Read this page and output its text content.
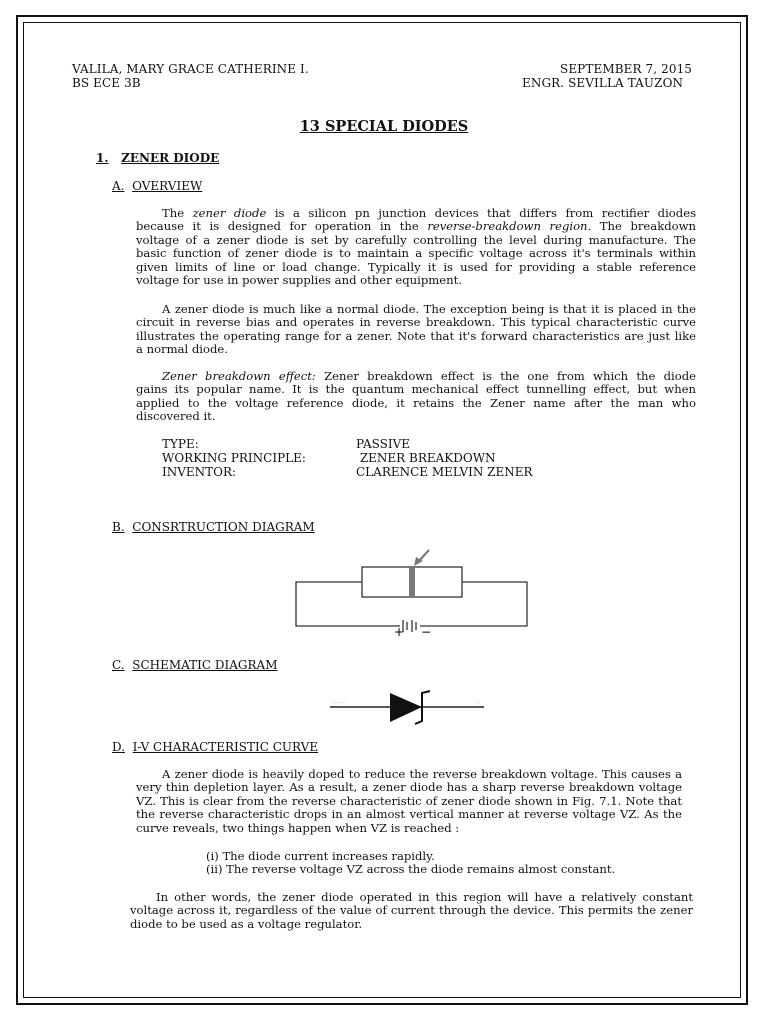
VALILA, MARY GRACE CATHERINE I.
BS ECE 3B
SEPTEMBER 7, 2015
ENGR. SEVILLA TAUZON
13 SPECIAL DIODES
1. ZENER DIODE
A. OVERVIEW
The zener diode is a silicon pn junction devices that differs from rectifier diodes
because it is designed for operation in the reverse-breakdown region. The breakdown
voltage of a zener diode is set by carefully controlling the level during manufacture. The
basic function of zener diode is to maintain a specific voltage across it's terminals within
given limits of line or load change. Typically it is used for providing a stable reference
voltage for use in power supplies and other equipment.
A zener diode is much like a normal diode. The exception being is that it is placed in the
circuit in reverse bias and operates in reverse breakdown. This typical characteristic curve
illustrates the operating range for a zener. Note that it's forward characteristics are just like
a normal diode.
Zener breakdown effect: Zener breakdown effect is the one from which the diode
gains its popular name. It is the quantum mechanical effect tunnelling effect, but when
applied to the voltage reference diode, it retains the Zener name after the man who
discovered it.
TYPE:	PASSIVE
WORKING PRINCIPLE:	ZENER BREAKDOWN
INVENTOR:	CLARENCE MELVIN ZENER
B. CONSRTRUCTION DIAGRAM
+ −
C. SCHEMATIC DIAGRAM
· · · · · ·	· ·
D. I-V CHARACTERISTIC CURVE
A zener diode is heavily doped to reduce the reverse breakdown voltage. This causes a
very thin depletion layer. As a result, a zener diode has a sharp reverse breakdown voltage
VZ. This is clear from the reverse characteristic of zener diode shown in Fig. 7.1. Note that
the reverse characteristic drops in an almost vertical manner at reverse voltage VZ. As the
curve reveals, two things happen when VZ is reached :
(i) The diode current increases rapidly.
(ii) The reverse voltage VZ across the diode remains almost constant.
In other words, the zener diode operated in this region will have a relatively constant
voltage across it, regardless of the value of current through the device. This permits the zener
diode to be used as a voltage regulator.
